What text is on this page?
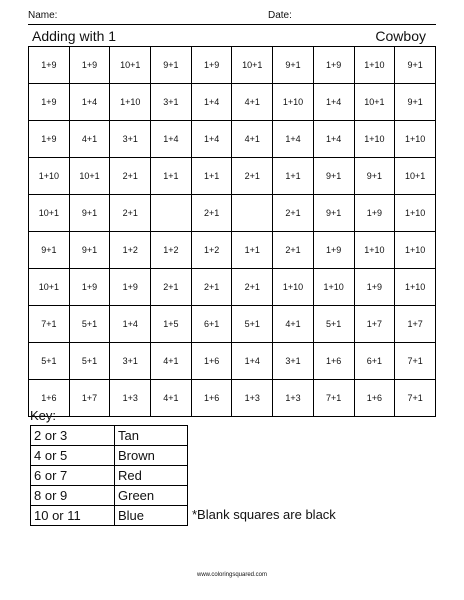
Name:	Date:
Adding with 1	Cowboy
1+9	1+9	10+1	9+1	1+9	10+1	9+1	1+9	1+10	9+1
1+9	1+4	1+10	3+1	1+4	4+1	1+10	1+4	10+1	9+1
1+9	4+1	3+1	1+4	1+4	4+1	1+4	1+4	1+10	1+10
1+10	10+1	2+1	1+1	1+1	2+1	1+1	9+1	9+1	10+1
10+1	9+1	2+1		2+1		2+1	9+1	1+9	1+10
9+1	9+1	1+2	1+2	1+2	1+1	2+1	1+9	1+10	1+10
10+1	1+9	1+9	2+1	2+1	2+1	1+10	1+10	1+9	1+10
7+1	5+1	1+4	1+5	6+1	5+1	4+1	5+1	1+7	1+7
5+1	5+1	3+1	4+1	1+6	1+4	3+1	1+6	6+1	7+1
1+6	1+7	1+3	4+1	1+6	1+3	1+3	7+1	1+6	7+1
Key:
2 or 3	Tan
4 or 5	Brown
6 or 7	Red
8 or 9	Green
10 or 11	Blue	*Blank squares are black
www.coloringsquared.com
